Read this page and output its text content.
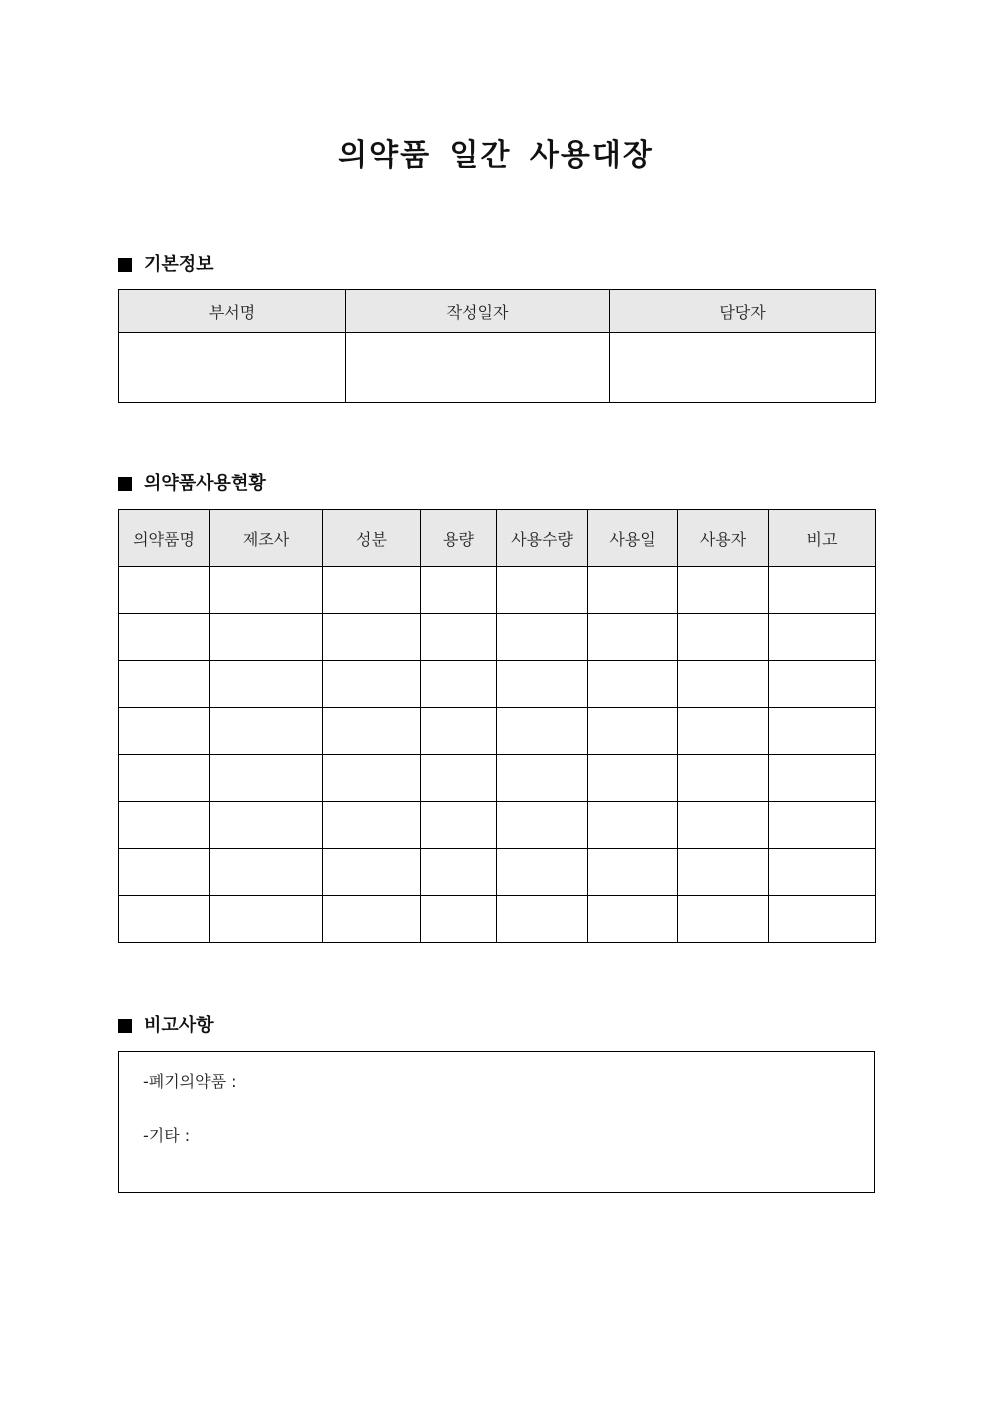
의약품 일간 사용대장
기본정보
부서명	작성일자	담당자

의약품사용현황
의약품명	제조사	성분	용량	사용수량	사용일	사용자	비고

비고사항
-폐기의약품 :
-기타 :
